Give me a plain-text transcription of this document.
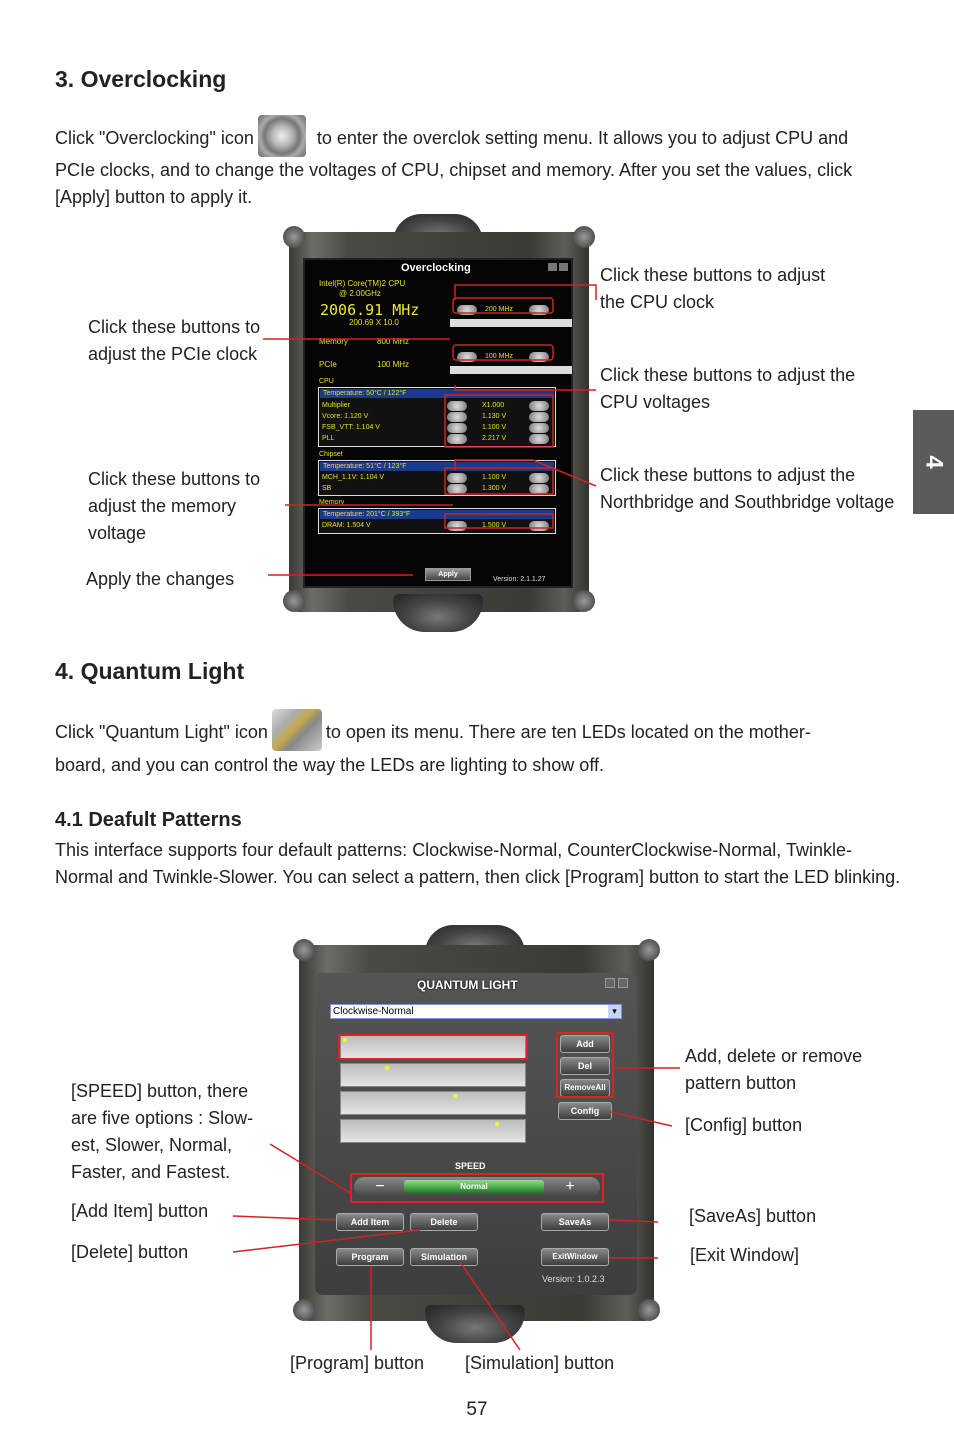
4
3. Overclocking
Click "Overclocking" icon	to enter the overclok setting menu. It allows you to adjust CPU and PCIe clocks, and to change the voltages of CPU, chipset and memory. After you set the values, click [Apply] button to apply it.
Overclocking
Intel(R) Core(TM)2 CPU
@ 2.00GHz
2006.91 MHz
200.69 X 10.0
200 MHz
Memory	800 MHz
PCIe	100 MHz
100 MHz
CPU
Temperature: 50°C / 122°F
Multiplier
Vcore: 1.120 V
FSB_VTT: 1.104 V
PLL
X1.000
1.130 V
1.100 V
2.217 V
Chipset
Temperature: 51°C / 123°F
MCH_1.1V: 1.104 V
SB
1.100 V
1.300 V
Memory
Temperature: 201°C / 393°F
DRAM: 1.504 V	1.500 V
Apply
Version: 2.1.1.27
Click these buttons to adjust the CPU clock
Click these buttons to adjust the PCIe clock
Click these buttons to adjust the CPU voltages
Click these buttons to adjust the memory voltage
Click these buttons to adjust the Northbridge and Southbridge voltage
Apply the changes
4. Quantum Light
Click "Quantum Light" icon	to open its menu. There are ten LEDs located on the mother-
board, and you can control the way the LEDs are lighting to show off.
4.1 Deafult Patterns
This interface supports four default patterns: Clockwise-Normal, CounterClockwise-Normal, Twinkle-Normal and Twinkle-Slower. You can select a pattern, then click [Program] button to start the LED blinking.
QUANTUM LIGHT
Clockwise-Normal	▾
Add
Del
RemoveAll
Config
SPEED
−	Normal	+
Add Item	Delete	SaveAs
Program	Simulation	ExitWindow
Version: 1.0.2.3
Add, delete or remove pattern button
[Config] button
[SPEED] button, there are five options : Slow-est, Slower, Normal, Faster, and Fastest.
[Add Item] button
[Delete] button
[SaveAs] button
[Exit Window]
[Program] button	[Simulation] button
57
